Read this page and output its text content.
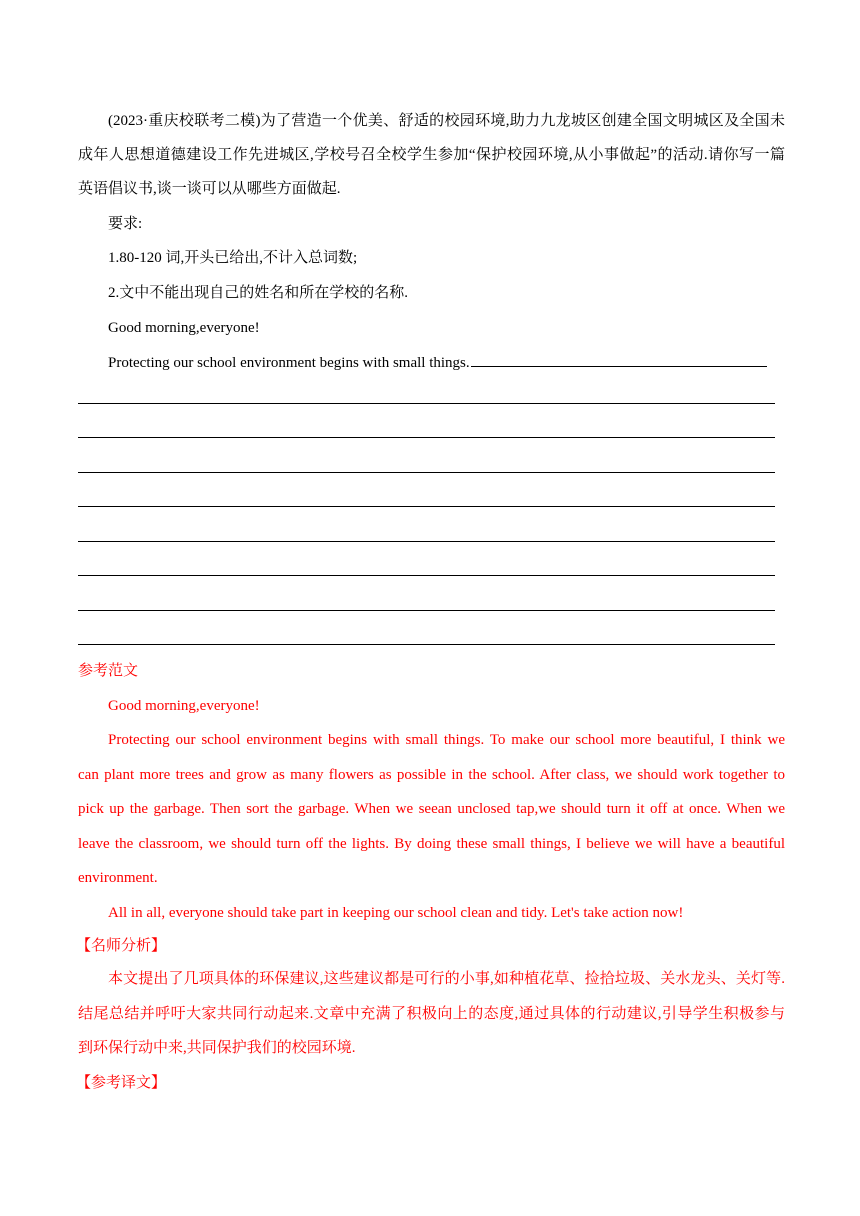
(2023·重庆校联考二模)为了营造一个优美、舒适的校园环境,助力九龙坡区创建全国文明城区及全国未
成年人思想道德建设工作先进城区,学校号召全校学生参加“保护校园环境,从小事做起”的活动.请你写一篇
英语倡议书,谈一谈可以从哪些方面做起.
要求:
1.80-120 词,开头已给出,不计入总词数;
2.文中不能出现自己的姓名和所在学校的名称.
Good morning,everyone!
Protecting our school environment begins with small things.
参考范文
Good morning,everyone!
Protecting our school environment begins with small things. To make our school more beautiful, I think we
can plant more trees and grow as many flowers as possible in the school. After class, we should work together to
pick up the garbage. Then sort the garbage. When we seean unclosed tap,we should turn it off at once. When we
leave the classroom, we should turn off the lights. By doing these small things, I believe we will have a beautiful
environment.
All in all, everyone should take part in keeping our school clean and tidy. Let's take action now!
【名师分析】
本文提出了几项具体的环保建议,这些建议都是可行的小事,如种植花草、捡拾垃圾、关水龙头、关灯等.
结尾总结并呼吁大家共同行动起来.文章中充满了积极向上的态度,通过具体的行动建议,引导学生积极参与
到环保行动中来,共同保护我们的校园环境.
【参考译文】
